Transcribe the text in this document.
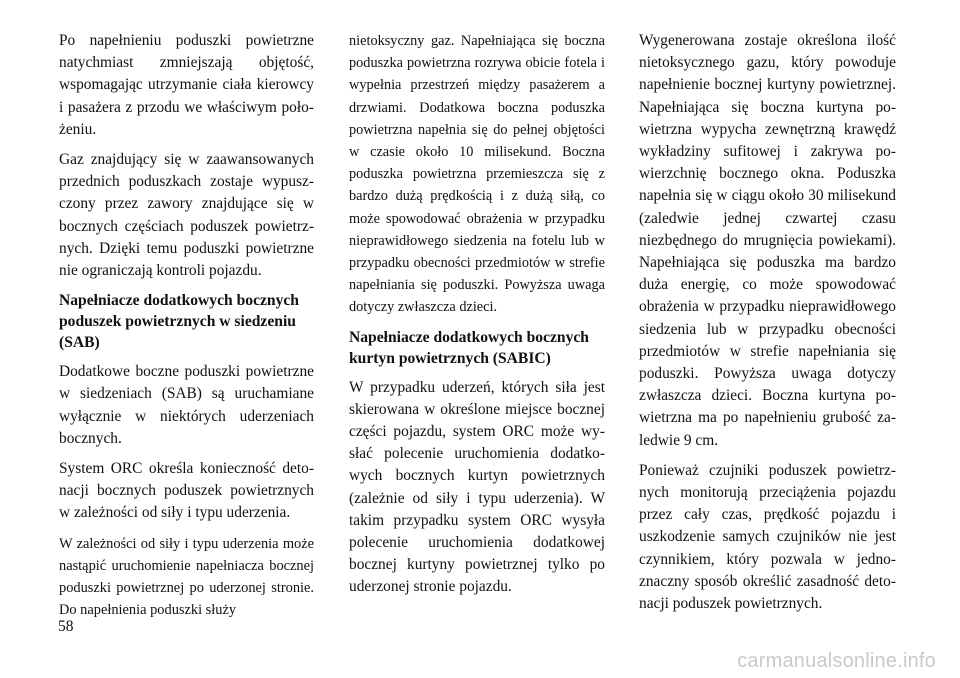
Po napełnieniu poduszki powietrzne natychmiast zmniejszają objętość, wspomagając utrzymanie ciała kierowcy i pasażera z przodu we właściwym położeniu.

Gaz znajdujący się w zaawansowanych przednich poduszkach zostaje wypuszczony przez zawory znajdujące się w bocznych częściach poduszek powietrznych. Dzięki temu poduszki powietrzne nie ograniczają kontroli pojazdu.

Napełniacze dodatkowych bocznych poduszek powietrznych w siedzeniu (SAB)

Dodatkowe boczne poduszki powietrzne w siedzeniach (SAB) są uruchamiane wyłącznie w niektórych uderzeniach bocznych.

System ORC określa konieczność detonacji bocznych poduszek powietrznych w zależności od siły i typu uderzenia.

W zależności od siły i typu uderzenia może nastąpić uruchomienie napełniacza bocznej poduszki powietrznej po uderzonej stronie. Do napełnienia poduszki służy

nietoksyczny gaz. Napełniająca się boczna poduszka powietrzna rozrywa obicie fotela i wypełnia przestrzeń między pasażerem a drzwiami. Dodatkowa boczna poduszka powietrzna napełnia się do pełnej objętości w czasie około 10 milisekund. Boczna poduszka powietrzna przemieszcza się z bardzo dużą prędkością i z dużą siłą, co może spowodować obrażenia w przypadku nieprawidłowego siedzenia na fotelu lub w przypadku obecności przedmiotów w strefie napełniania się poduszki. Powyższa uwaga dotyczy zwłaszcza dzieci.

Napełniacze dodatkowych bocznych kurtyn powietrznych (SABIC)

W przypadku uderzeń, których siła jest skierowana w określone miejsce bocznej części pojazdu, system ORC może wysłać polecenie uruchomienia dodatkowych bocznych kurtyn powietrznych (zależnie od siły i typu uderzenia). W takim przypadku system ORC wysyła polecenie uruchomienia dodatkowej bocznej kurtyny powietrznej tylko po uderzonej stronie pojazdu.

Wygenerowana zostaje określona ilość nietoksycznego gazu, który powoduje napełnienie bocznej kurtyny powietrznej. Napełniająca się boczna kurtyna powietrzna wypycha zewnętrzną krawędź wykładziny sufitowej i zakrywa powierzchnię bocznego okna. Poduszka napełnia się w ciągu około 30 milisekund (zaledwie jednej czwartej czasu niezbędnego do mrugnięcia powiekami). Napełniająca się poduszka ma bardzo duża energię, co może spowodować obrażenia w przypadku nieprawidłowego siedzenia lub w przypadku obecności przedmiotów w strefie napełniania się poduszki. Powyższa uwaga dotyczy zwłaszcza dzieci. Boczna kurtyna powietrzna ma po napełnieniu grubość zaledwie 9 cm.

Ponieważ czujniki poduszek powietrznych monitorują przeciążenia pojazdu przez cały czas, prędkość pojazdu i uszkodzenie samych czujników nie jest czynnikiem, który pozwala w jednoznaczny sposób określić zasadność detonacji poduszek powietrznych.

58
carmanualsonline.info
